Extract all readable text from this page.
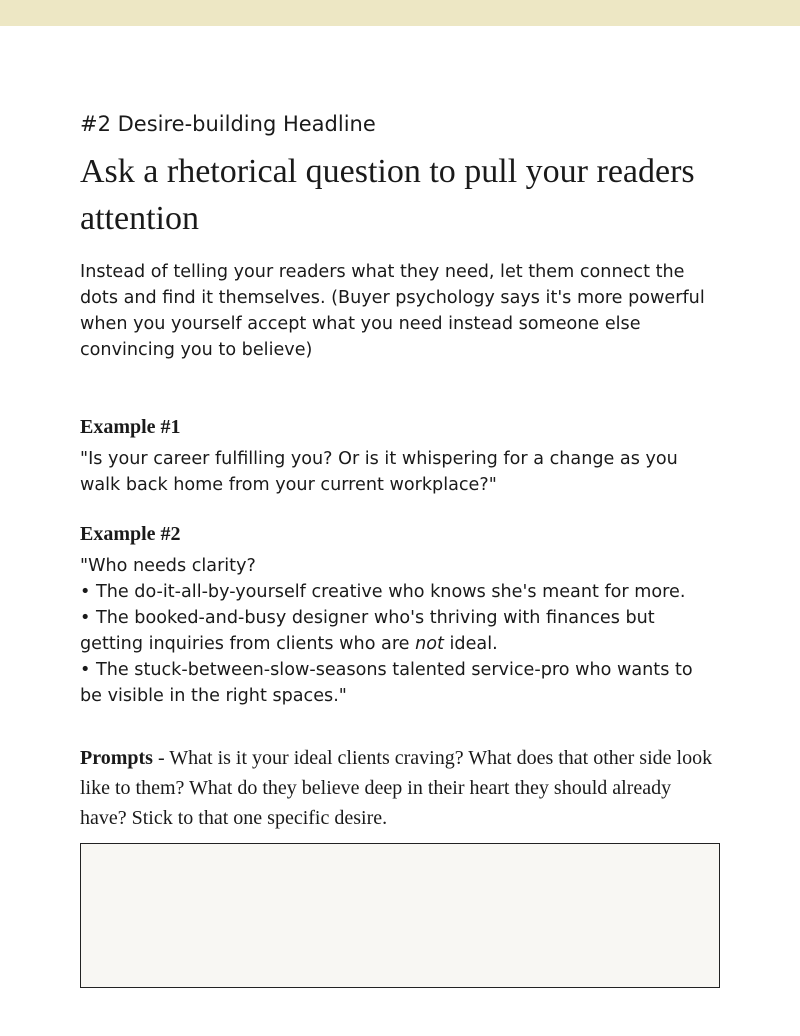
#2 Desire-building Headline
Ask a rhetorical question to pull your readers attention

Instead of telling your readers what they need, let them connect the dots and find it themselves. (Buyer psychology says it's more powerful when you yourself accept what you need instead someone else convincing you to believe)

Example #1

"Is your career fulfilling you? Or is it whispering for a change as you walk back home from your current workplace?"

Example #2

"Who needs clarity?

• The do-it-all-by-yourself creative who knows she's meant for more.

• The booked-and-busy designer who's thriving with finances but getting inquiries from clients who are not ideal.

• The stuck-between-slow-seasons talented service-pro who wants to be visible in the right spaces."

Prompts - What is it your ideal clients craving? What does that other side look like to them? What do they believe deep in their heart they should already have? Stick to that one specific desire.
